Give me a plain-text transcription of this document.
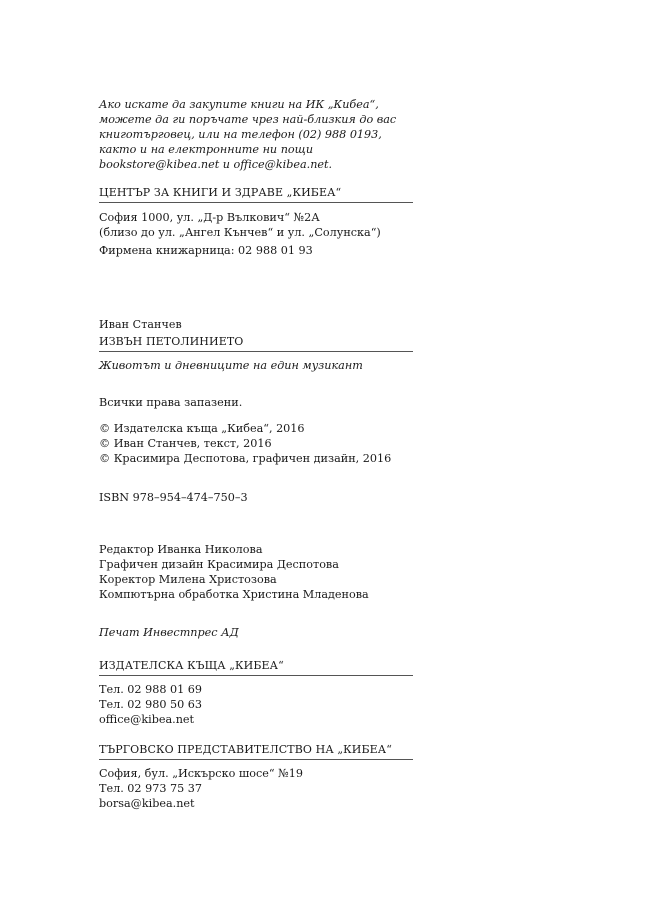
Ако искате да закупите книги на ИК „Кибеа“,
можете да ги поръчате чрез най-близкия до вас
книготърговец, или на телефон (02) 988 0193,
както и на електронните ни пощи
bookstore@kibea.net и office@kibea.net.
ЦЕНТЪР ЗА КНИГИ И ЗДРАВЕ „КИБЕА“
София 1000, ул. „Д-р Вълкович“ №2А
(близо до ул. „Ангел Кънчев“ и ул. „Солунска“)
Фирмена книжарница: 02 988 01 93
Иван Станчев
ИЗВЪН ПЕТОЛИНИЕТО
Животът и дневниците на един музикант
Всички права запазени.
© Издателска къща „Кибеа“, 2016
© Иван Станчев, текст, 2016
© Красимира Деспотова, графичен дизайн, 2016
ISBN 978–954–474–750–3
Редактор Иванка Николова
Графичен дизайн Красимира Деспотова
Коректор Милена Христозова
Компютърна обработка Христина Младенова
Печат Инвестпрес АД
ИЗДАТЕЛСКА КЪЩА „КИБЕА“
Тел. 02 988 01 69
Тел. 02 980 50 63
office@kibea.net
ТЪРГОВСКО ПРЕДСТАВИТЕЛСТВО НА „КИБЕА“
София, бул. „Искърско шосе“ №19
Тел. 02 973 75 37
borsa@kibea.net
